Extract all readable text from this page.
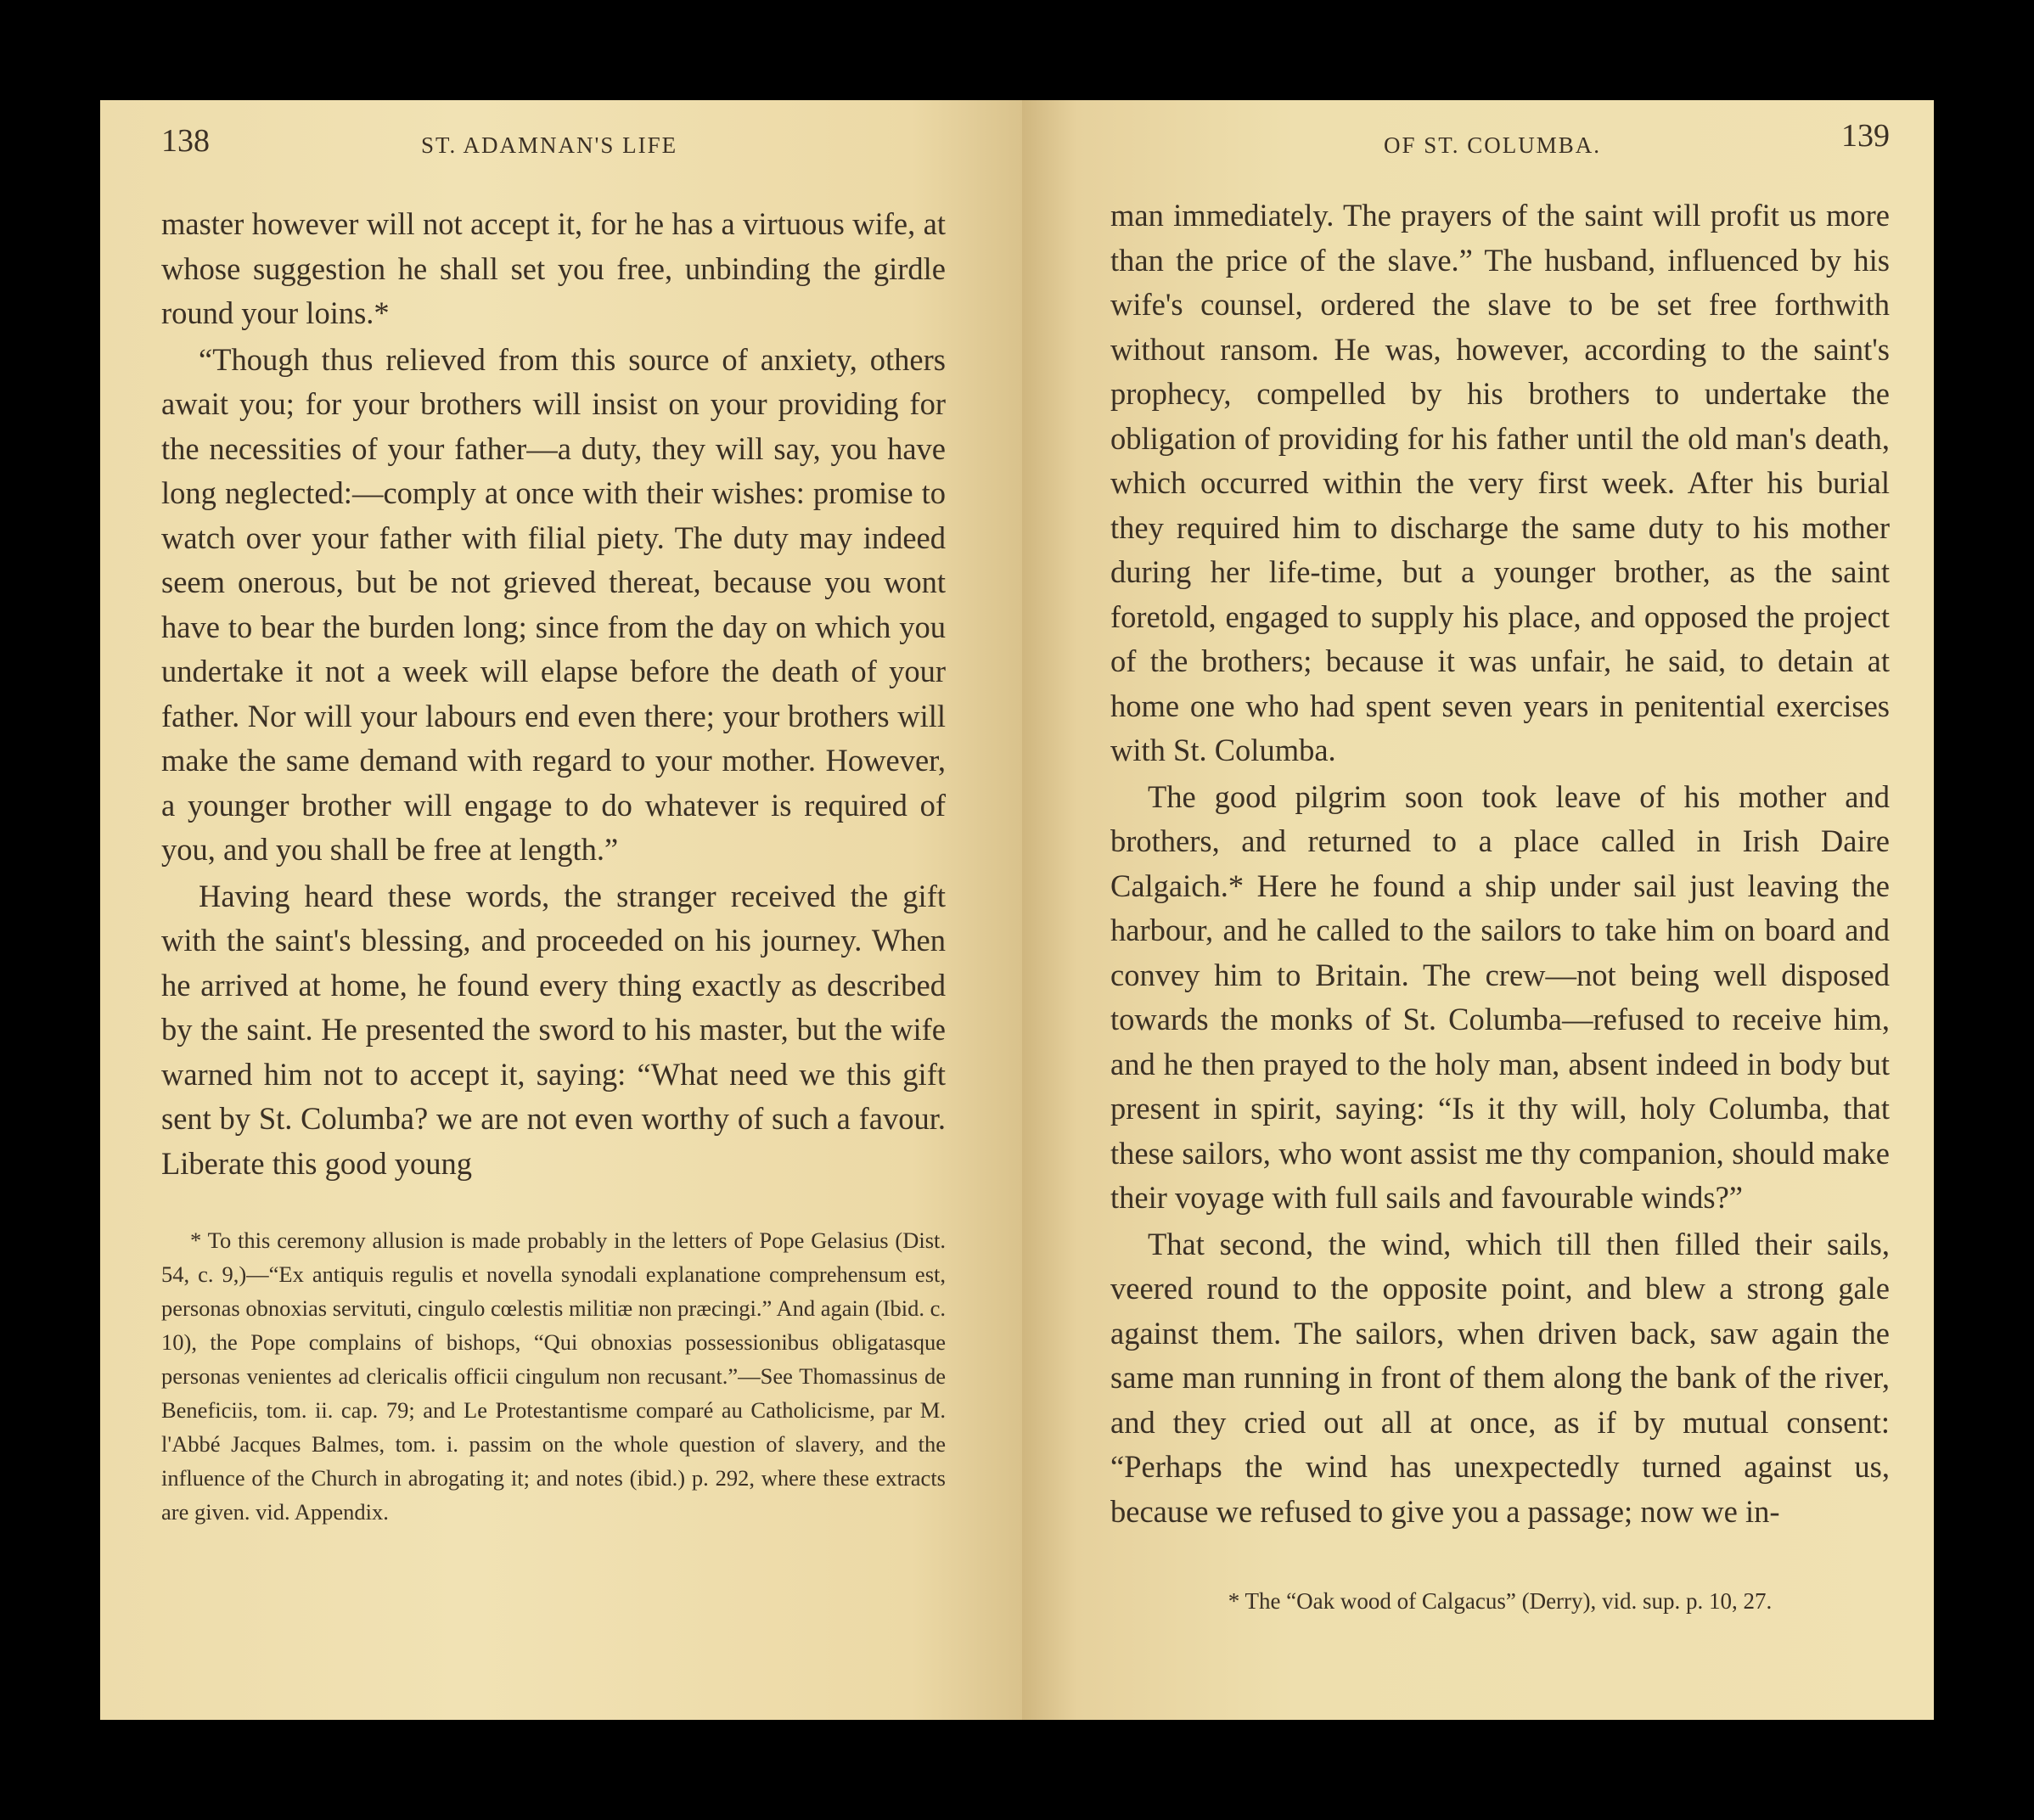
138	ST. ADAMNAN'S LIFE

master however will not accept it, for he has a virtuous wife, at whose suggestion he shall set you free, unbinding the girdle round your loins.*

“Though thus relieved from this source of anxiety, others await you; for your brothers will insist on your providing for the necessities of your father—a duty, they will say, you have long neglected:—comply at once with their wishes: promise to watch over your father with filial piety. The duty may indeed seem onerous, but be not grieved thereat, because you wont have to bear the burden long; since from the day on which you undertake it not a week will elapse before the death of your father. Nor will your labours end even there; your brothers will make the same demand with regard to your mother. However, a younger brother will engage to do whatever is required of you, and you shall be free at length.”

Having heard these words, the stranger received the gift with the saint's blessing, and proceeded on his journey. When he arrived at home, he found every thing exactly as described by the saint. He presented the sword to his master, but the wife warned him not to accept it, saying: “What need we this gift sent by St. Columba? we are not even worthy of such a favour. Liberate this good young

* To this ceremony allusion is made probably in the letters of Pope Gelasius (Dist. 54, c. 9,)—“Ex antiquis regulis et novella synodali explanatione comprehensum est, personas obnoxias servituti, cingulo cœlestis militiæ non præcingi.” And again (Ibid. c. 10), the Pope complains of bishops, “Qui obnoxias possessionibus obligatasque personas venientes ad clericalis officii cingulum non recusant.”—See Thomassinus de Beneficiis, tom. ii. cap. 79; and Le Protestantisme comparé au Catholicisme, par M. l'Abbé Jacques Balmes, tom. i. passim on the whole question of slavery, and the influence of the Church in abrogating it; and notes (ibid.) p. 292, where these extracts are given. vid. Appendix.
OF ST. COLUMBA.	139

man immediately. The prayers of the saint will profit us more than the price of the slave.” The husband, influenced by his wife's counsel, ordered the slave to be set free forthwith without ransom. He was, however, according to the saint's prophecy, compelled by his brothers to undertake the obligation of providing for his father until the old man's death, which occurred within the very first week. After his burial they required him to discharge the same duty to his mother during her life-time, but a younger brother, as the saint foretold, engaged to supply his place, and opposed the project of the brothers; because it was unfair, he said, to detain at home one who had spent seven years in penitential exercises with St. Columba.

The good pilgrim soon took leave of his mother and brothers, and returned to a place called in Irish Daire Calgaich.* Here he found a ship under sail just leaving the harbour, and he called to the sailors to take him on board and convey him to Britain. The crew—not being well disposed towards the monks of St. Columba—refused to receive him, and he then prayed to the holy man, absent indeed in body but present in spirit, saying: “Is it thy will, holy Columba, that these sailors, who wont assist me thy companion, should make their voyage with full sails and favourable winds?”

That second, the wind, which till then filled their sails, veered round to the opposite point, and blew a strong gale against them. The sailors, when driven back, saw again the same man running in front of them along the bank of the river, and they cried out all at once, as if by mutual consent: “Perhaps the wind has unexpectedly turned against us, because we refused to give you a passage; now we in-

* The “Oak wood of Calgacus” (Derry), vid. sup. p. 10, 27.
